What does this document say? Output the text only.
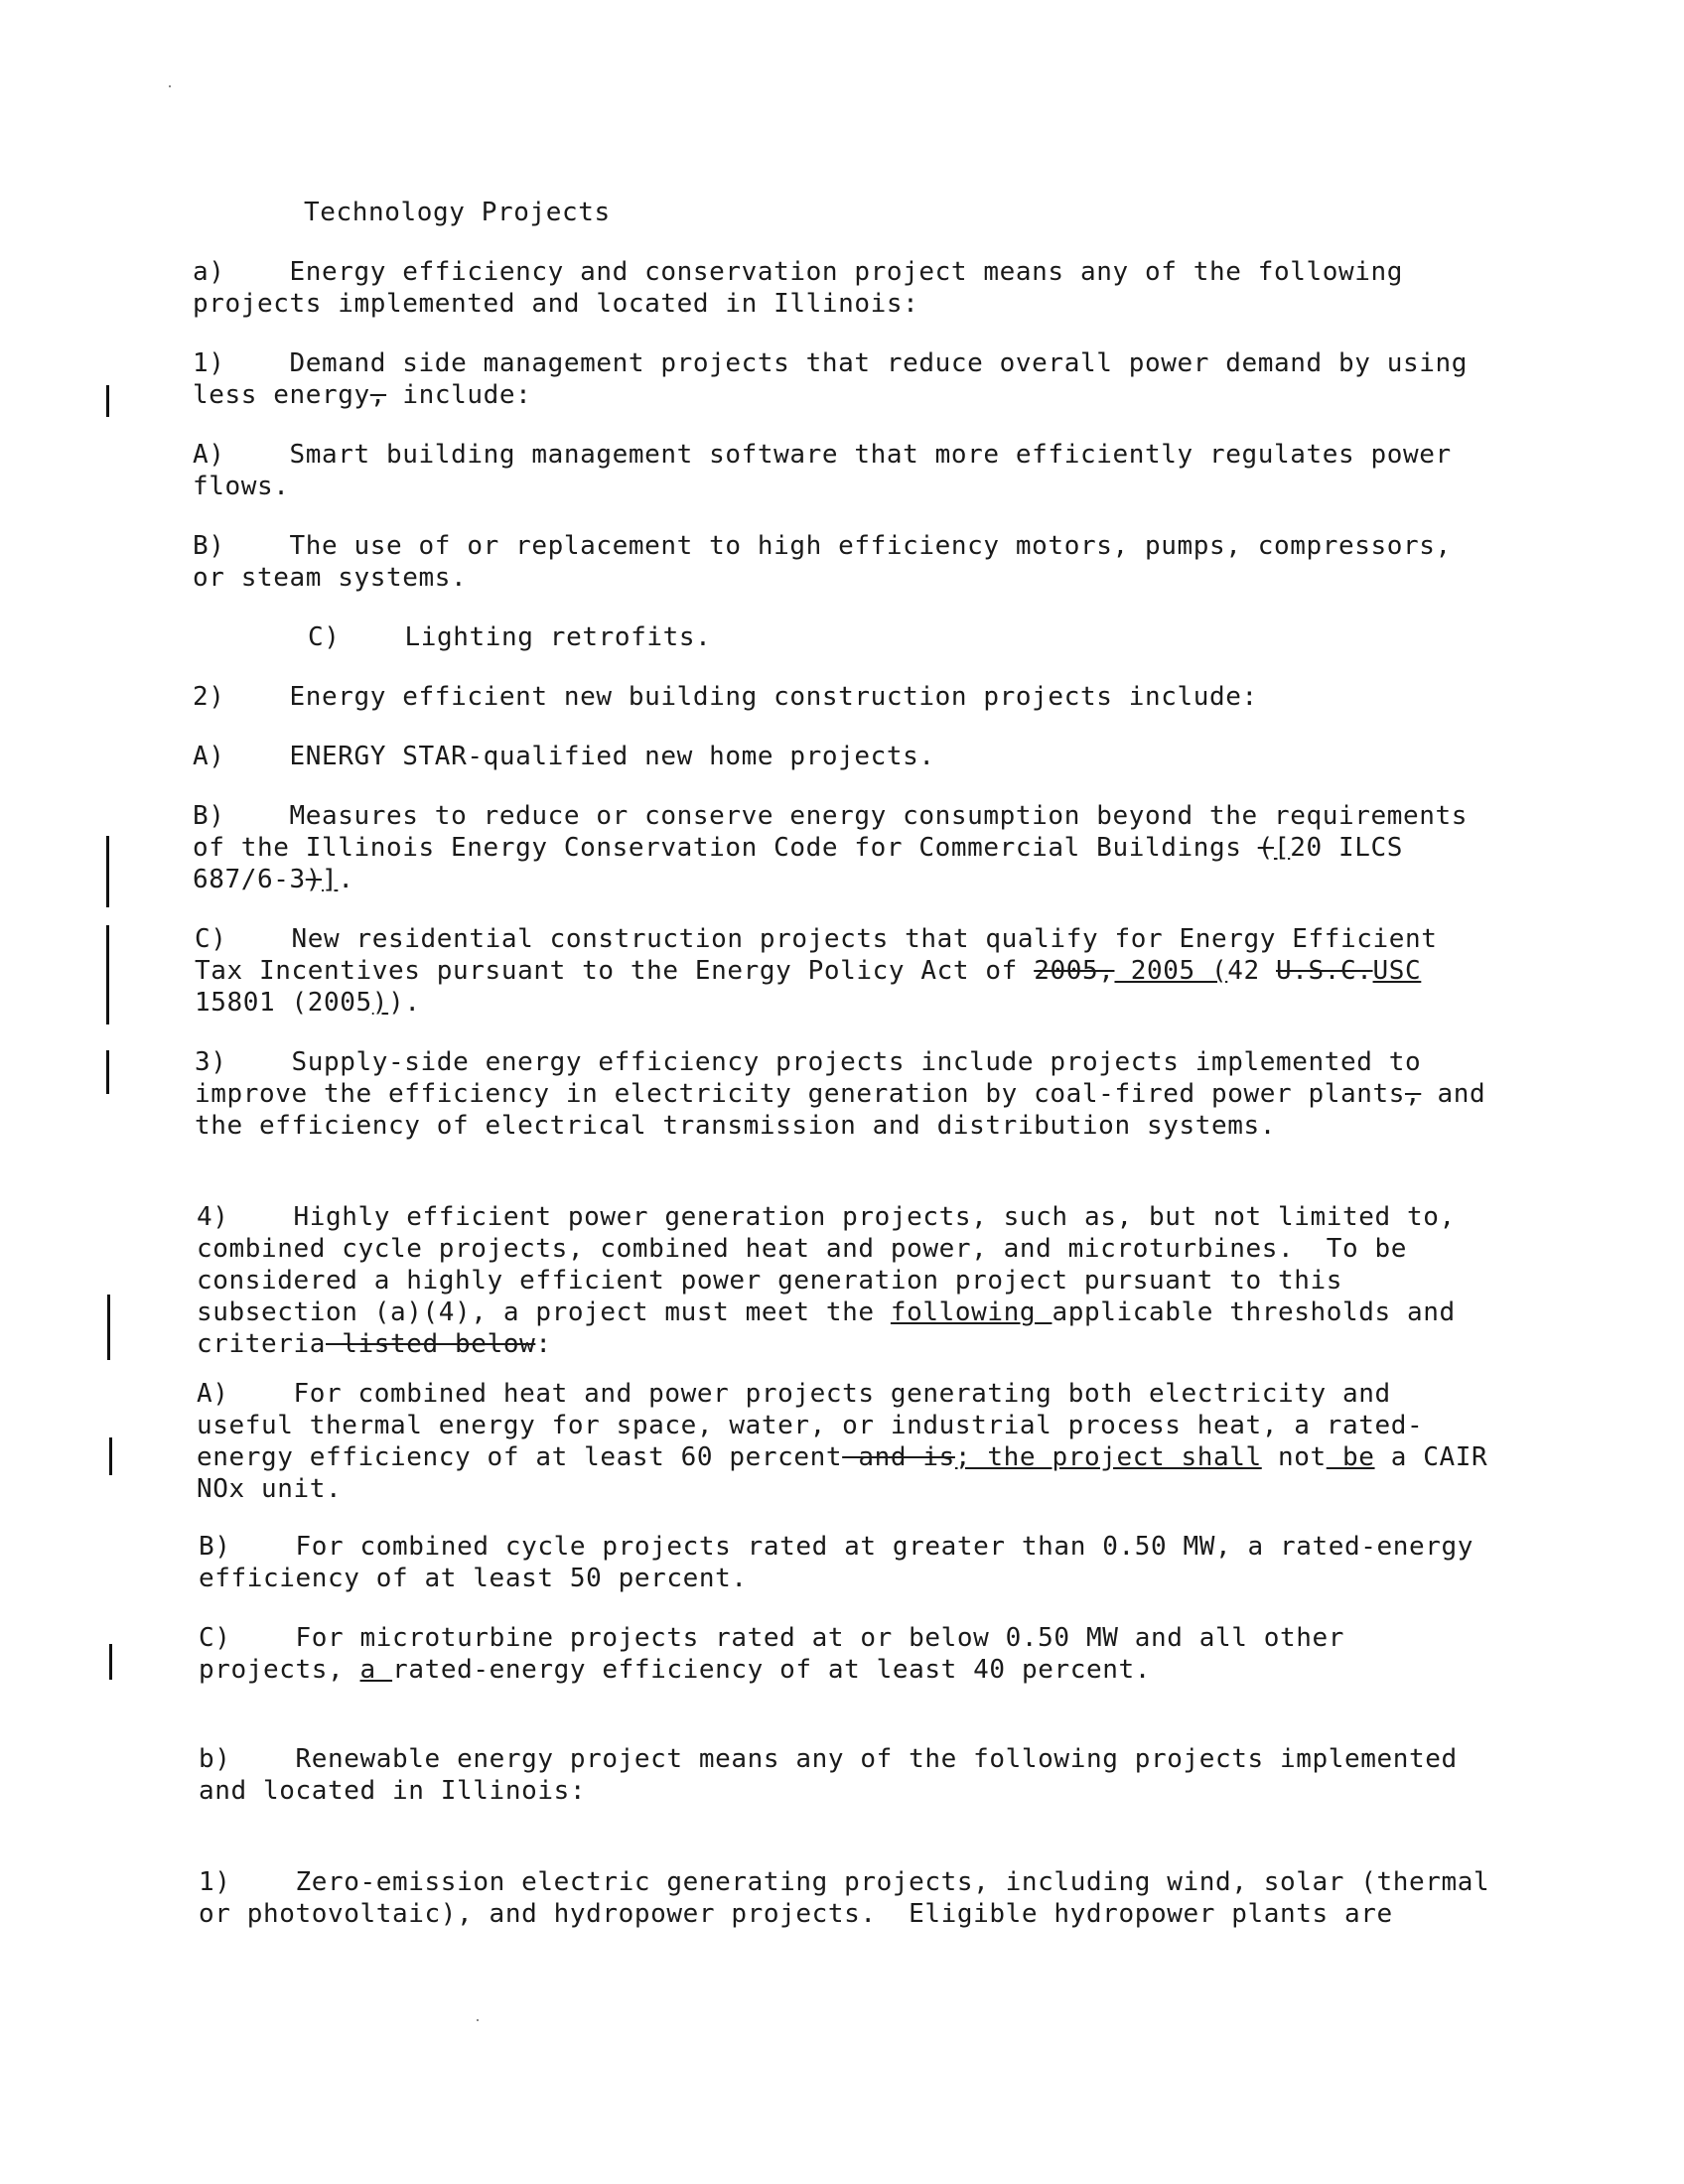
Technology Projects
a)	Energy efficiency and conservation project means any of the following
projects implemented and located in Illinois:
1)	Demand side management projects that reduce overall power demand by using
less energy, include:
A)	Smart building management software that more efficiently regulates power
flows.
B)	The use of or replacement to high efficiency motors, pumps, compressors,
or steam systems.
C)	Lighting retrofits.
2)	Energy efficient new building construction projects include:
A)	ENERGY STAR-qualified new home projects.
B)	Measures to reduce or conserve energy consumption beyond the requirements
of the Illinois Energy Conservation Code for Commercial Buildings ([20 ILCS
687/6-3)].
C)	New residential construction projects that qualify for Energy Efficient
Tax Incentives pursuant to the Energy Policy Act of 2005, 2005 (42 U.S.C.USC
15801 (2005)).
3)	Supply-side energy efficiency projects include projects implemented to
improve the efficiency in electricity generation by coal-fired power plants, and
the efficiency of electrical transmission and distribution systems.
4)	Highly efficient power generation projects, such as, but not limited to,
combined cycle projects, combined heat and power, and microturbines.  To be
considered a highly efficient power generation project pursuant to this
subsection (a)(4), a project must meet the following applicable thresholds and
criteria listed below:
A)	For combined heat and power projects generating both electricity and
useful thermal energy for space, water, or industrial process heat, a rated-
energy efficiency of at least 60 percent and is; the project shall not be a CAIR
NOx unit.
B)	For combined cycle projects rated at greater than 0.50 MW, a rated-energy
efficiency of at least 50 percent.
C)	For microturbine projects rated at or below 0.50 MW and all other
projects, a rated-energy efficiency of at least 40 percent.
b)	Renewable energy project means any of the following projects implemented
and located in Illinois:
1)	Zero-emission electric generating projects, including wind, solar (thermal
or photovoltaic), and hydropower projects.  Eligible hydropower plants are
